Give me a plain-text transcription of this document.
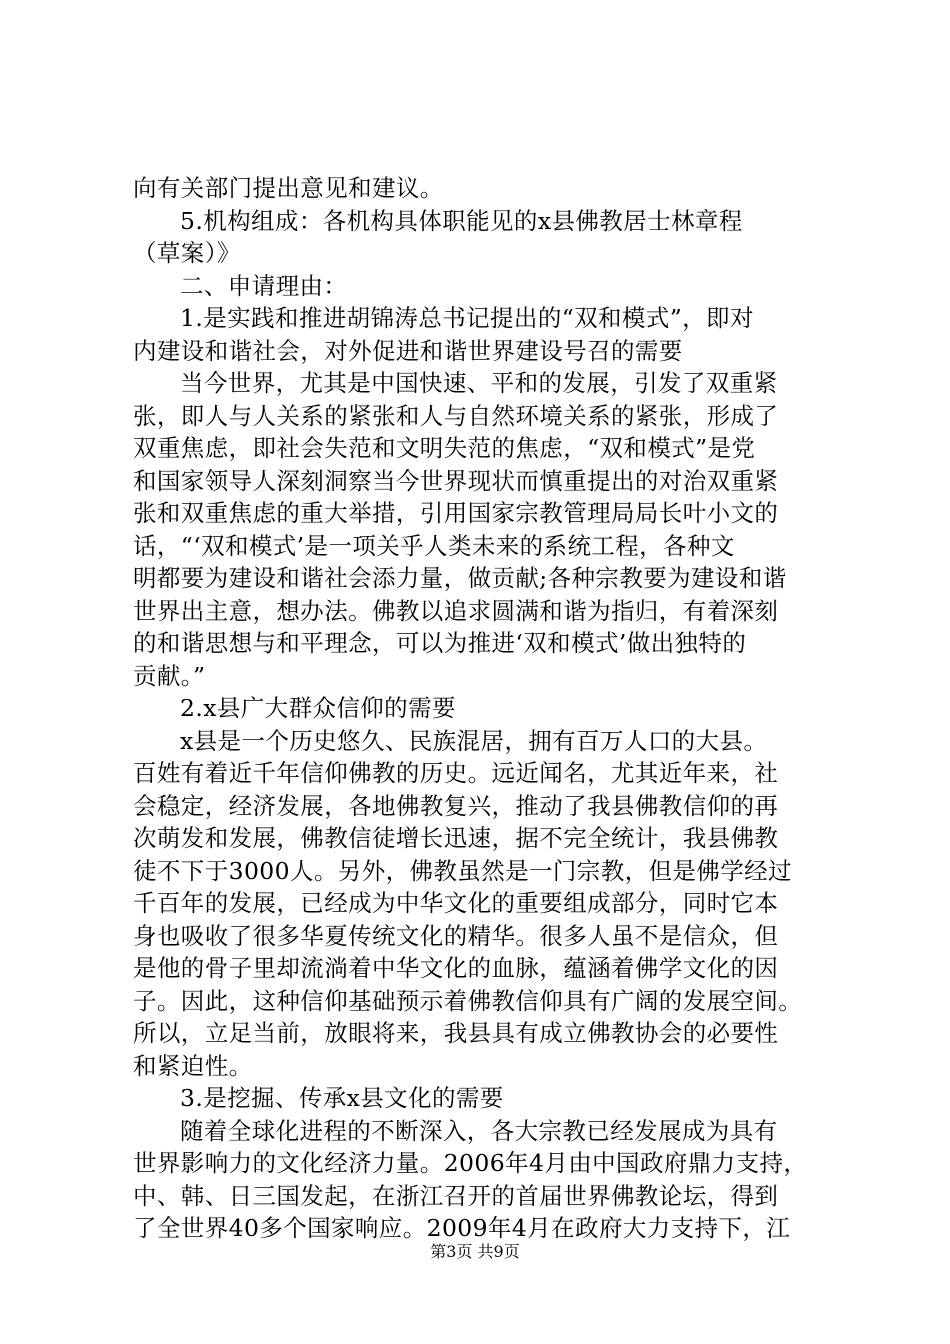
向有关部门提出意见和建议。
5.机构组成：各机构具体职能见的x县佛教居士林章程
（草案）》
二、申请理由：
1.是实践和推进胡锦涛总书记提出的“双和模式”，即对
内建设和谐社会，对外促进和谐世界建设号召的需要
当今世界，尤其是中国快速、平和的发展，引发了双重紧
张，即人与人关系的紧张和人与自然环境关系的紧张，形成了
双重焦虑，即社会失范和文明失范的焦虑，“双和模式”是党
和国家领导人深刻洞察当今世界现状而慎重提出的对治双重紧
张和双重焦虑的重大举措，引用国家宗教管理局局长叶小文的
话，“‘双和模式’是一项关乎人类未来的系统工程，各种文
明都要为建设和谐社会添力量，做贡献;各种宗教要为建设和谐
世界出主意，想办法。佛教以追求圆满和谐为指归，有着深刻
的和谐思想与和平理念，可以为推进‘双和模式’做出独特的
贡献。”
2.x县广大群众信仰的需要
x县是一个历史悠久、民族混居，拥有百万人口的大县。
百姓有着近千年信仰佛教的历史。远近闻名，尤其近年来，社
会稳定，经济发展，各地佛教复兴，推动了我县佛教信仰的再
次萌发和发展，佛教信徒增长迅速，据不完全统计，我县佛教
徒不下于3000人。另外，佛教虽然是一门宗教，但是佛学经过
千百年的发展，已经成为中华文化的重要组成部分，同时它本
身也吸收了很多华夏传统文化的精华。很多人虽不是信众，但
是他的骨子里却流淌着中华文化的血脉，蕴涵着佛学文化的因
子。因此，这种信仰基础预示着佛教信仰具有广阔的发展空间。
所以，立足当前，放眼将来，我县具有成立佛教协会的必要性
和紧迫性。
3.是挖掘、传承x县文化的需要
随着全球化进程的不断深入，各大宗教已经发展成为具有
世界影响力的文化经济力量。2006年4月由中国政府鼎力支持，
中、韩、日三国发起，在浙江召开的首届世界佛教论坛，得到
了全世界40多个国家响应。2009年4月在政府大力支持下，江
第3页 共9页
